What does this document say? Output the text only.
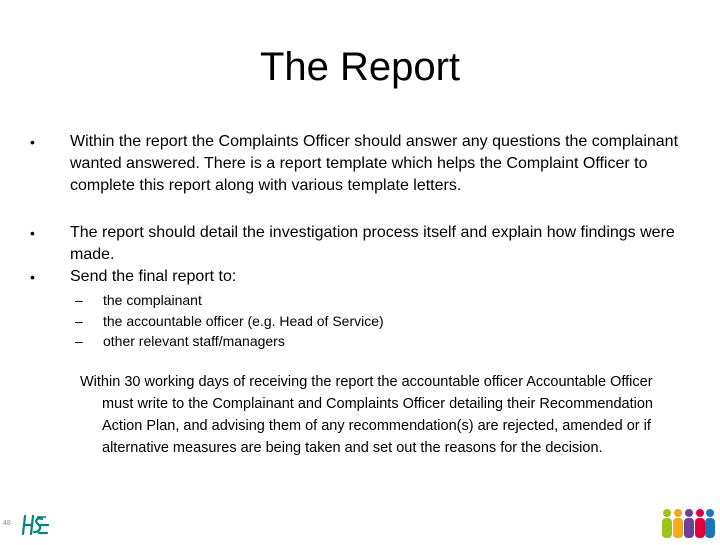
The Report
•	Within the report the Complaints Officer should answer any questions the complainant wanted answered. There is a report template which helps the Complaint Officer to complete this report along with various template letters.
•	The report should detail the investigation process itself and explain how findings were made.
•	Send the final report to:
– the complainant
– the accountable officer (e.g. Head of Service)
– other relevant staff/managers
Within 30 working days of receiving the report the accountable officer Accountable Officer must write to the Complainant and Complaints Officer detailing their Recommendation Action Plan, and advising them of any recommendation(s) are rejected, amended or if alternative measures are being taken and set out the reasons for the decision.
48
